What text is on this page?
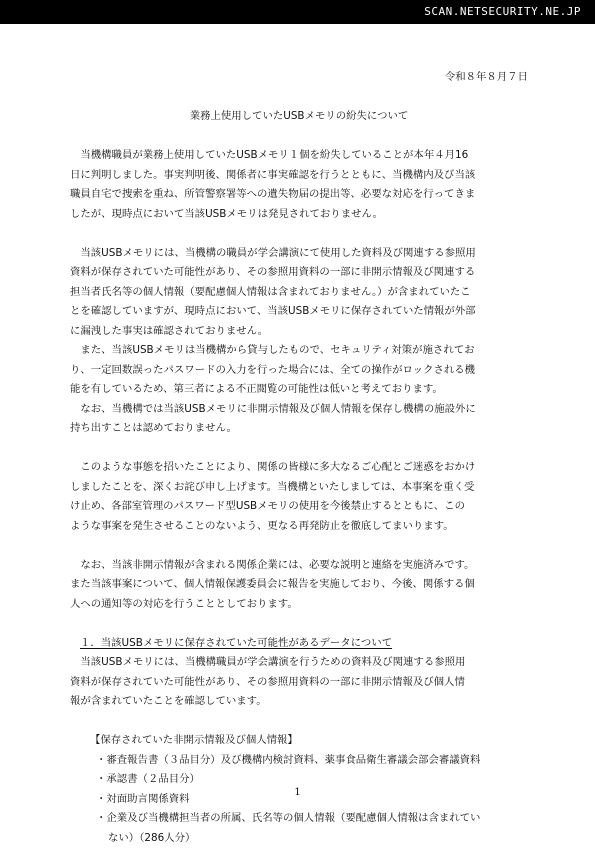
SCAN.NETSECURITY.NE.JP
令和８年８月７日
業務上使用していたUSBメモリの紛失について
　当機構職員が業務上使用していたUSBメモリ１個を紛失していることが本年４月16
日に判明しました。事実判明後、関係者に事実確認を行うとともに、当機構内及び当該
職員自宅で捜索を重ね、所管警察署等への遺失物届の提出等、必要な対応を行ってきま
したが、現時点において当該USBメモリは発見されておりません。
　当該USBメモリには、当機構の職員が学会講演にて使用した資料及び関連する参照用
資料が保存されていた可能性があり、その参照用資料の一部に非開示情報及び関連する
担当者氏名等の個人情報（要配慮個人情報は含まれておりません。）が含まれていたこ
とを確認していますが、現時点において、当該USBメモリに保存されていた情報が外部
に漏洩した事実は確認されておりません。
　また、当該USBメモリは当機構から貸与したもので、セキュリティ対策が施されてお
り、一定回数誤ったパスワードの入力を行った場合には、全ての操作がロックされる機
能を有しているため、第三者による不正閲覧の可能性は低いと考えております。
　なお、当機構では当該USBメモリに非開示情報及び個人情報を保存し機構の施設外に
持ち出すことは認めておりません。
　このような事態を招いたことにより、関係の皆様に多大なるご心配とご迷惑をおかけ
しましたことを、深くお詫び申し上げます。当機構といたしましては、本事案を重く受
け止め、各部室管理のパスワード型USBメモリの使用を今後禁止するとともに、この
ような事案を発生させることのないよう、更なる再発防止を徹底してまいります。
　なお、当該非開示情報が含まれる関係企業には、必要な説明と連絡を実施済みです。
また当該事案について、個人情報保護委員会に報告を実施しており、今後、関係する個
人への通知等の対応を行うこととしております。
１．当該USBメモリに保存されていた可能性があるデータについて
　当該USBメモリには、当機構職員が学会講演を行うための資料及び関連する参照用
資料が保存されていた可能性があり、その参照用資料の一部に非開示情報及び個人情
報が含まれていたことを確認しています。
【保存されていた非開示情報及び個人情報】
・審査報告書（３品目分）及び機構内検討資料、薬事食品衛生審議会部会審議資料
・承認書（２品目分）
・対面助言関係資料
・企業及び当機構担当者の所属、氏名等の個人情報（要配慮個人情報は含まれてい
ない）（286人分）
1
